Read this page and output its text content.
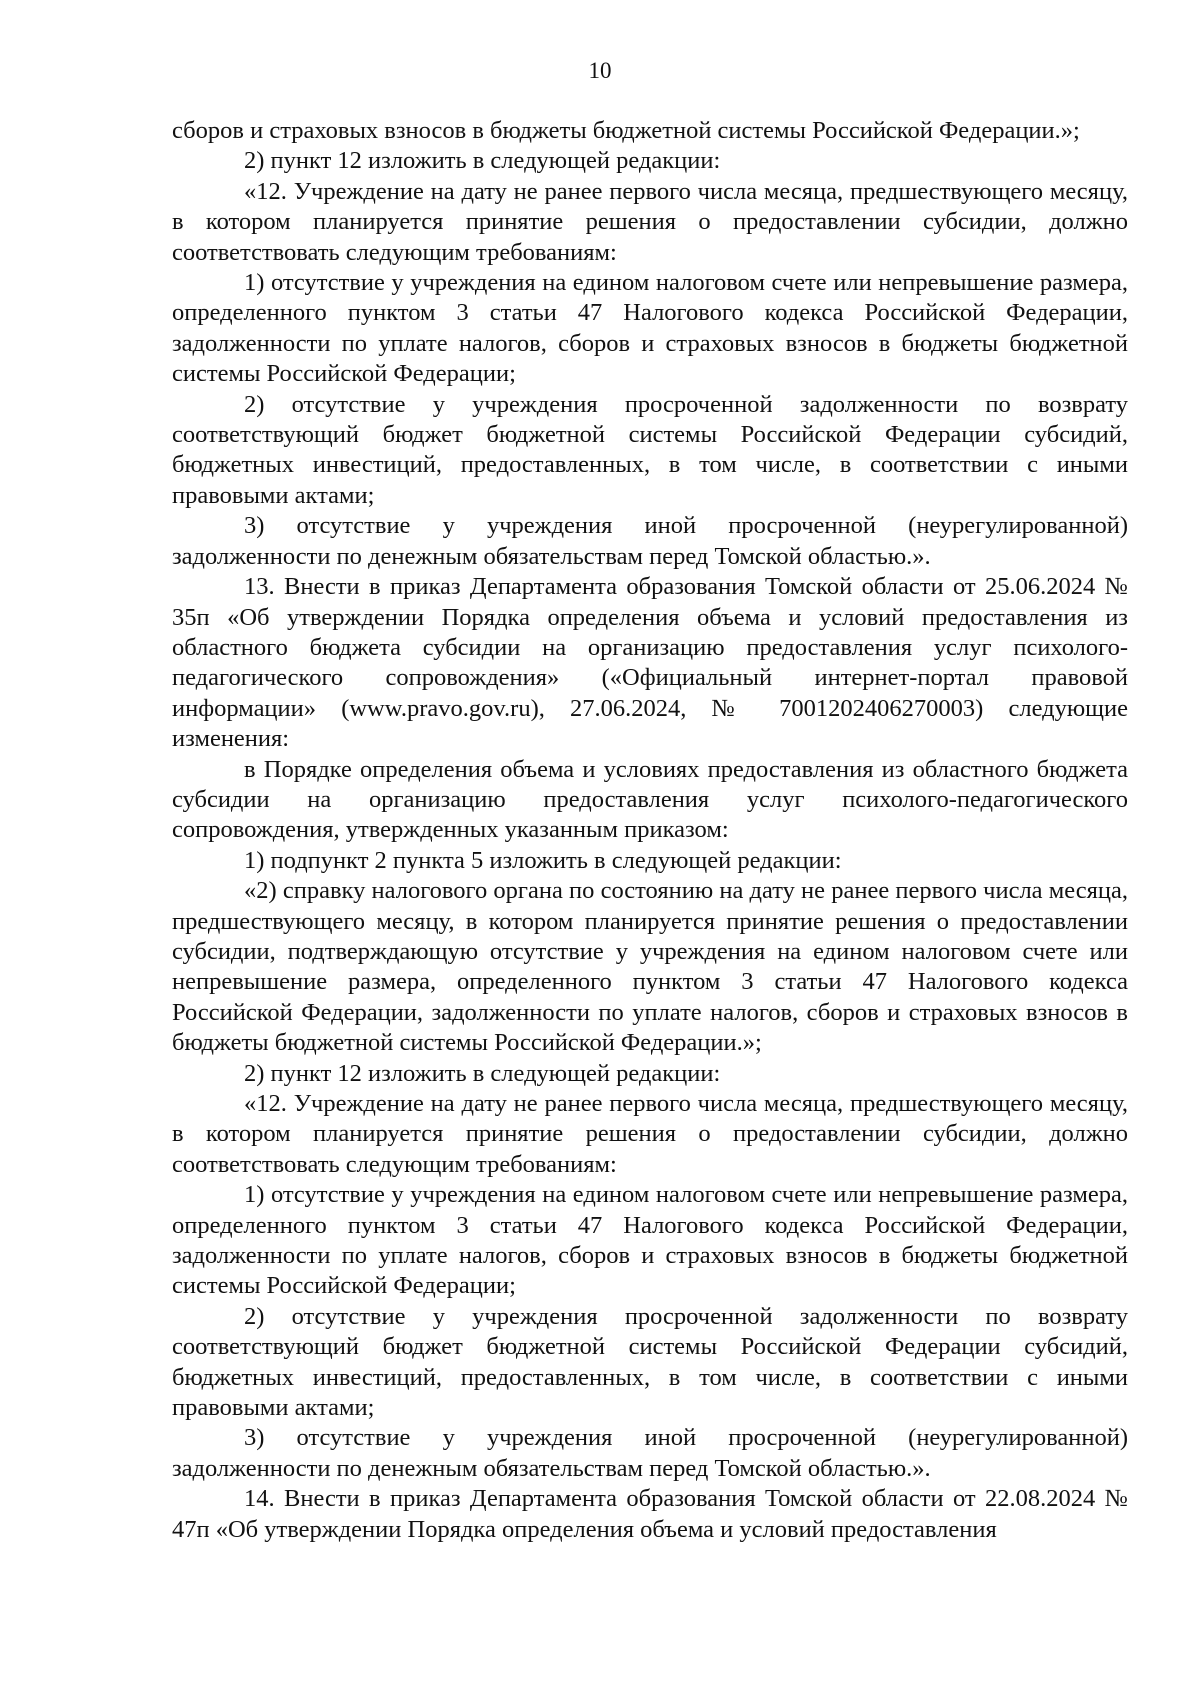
10

сборов и страховых взносов в бюджеты бюджетной системы Российской Федерации.»;

2) пункт 12 изложить в следующей редакции:

«12. Учреждение на дату не ранее первого числа месяца, предшествующего месяцу, в котором планируется принятие решения о предоставлении субсидии, должно соответствовать следующим требованиям:

1) отсутствие у учреждения на едином налоговом счете или непревышение размера, определенного пунктом 3 статьи 47 Налогового кодекса Российской Федерации, задолженности по уплате налогов, сборов и страховых взносов в бюджеты бюджетной системы Российской Федерации;

2) отсутствие у учреждения просроченной задолженности по возврату соответствующий бюджет бюджетной системы Российской Федерации субсидий, бюджетных инвестиций, предоставленных, в том числе, в соответствии с иными правовыми актами;

3) отсутствие у учреждения иной просроченной (неурегулированной) задолженности по денежным обязательствам перед Томской областью.».

13. Внести в приказ Департамента образования Томской области от 25.06.2024 № 35п «Об утверждении Порядка определения объема и условий предоставления из областного бюджета субсидии на организацию предоставления услуг психолого-педагогического сопровождения» («Официальный интернет-портал правовой информации» (www.pravo.gov.ru), 27.06.2024, № 7001202406270003) следующие изменения:

в Порядке определения объема и условиях предоставления из областного бюджета субсидии на организацию предоставления услуг психолого-педагогического сопровождения, утвержденных указанным приказом:

1) подпункт 2 пункта 5 изложить в следующей редакции:

«2) справку налогового органа по состоянию на дату не ранее первого числа месяца, предшествующего месяцу, в котором планируется принятие решения о предоставлении субсидии, подтверждающую отсутствие у учреждения на едином налоговом счете или непревышение размера, определенного пунктом 3 статьи 47 Налогового кодекса Российской Федерации, задолженности по уплате налогов, сборов и страховых взносов в бюджеты бюджетной системы Российской Федерации.»;

2) пункт 12 изложить в следующей редакции:

«12. Учреждение на дату не ранее первого числа месяца, предшествующего месяцу, в котором планируется принятие решения о предоставлении субсидии, должно соответствовать следующим требованиям:

1) отсутствие у учреждения на едином налоговом счете или непревышение размера, определенного пунктом 3 статьи 47 Налогового кодекса Российской Федерации, задолженности по уплате налогов, сборов и страховых взносов в бюджеты бюджетной системы Российской Федерации;

2) отсутствие у учреждения просроченной задолженности по возврату соответствующий бюджет бюджетной системы Российской Федерации субсидий, бюджетных инвестиций, предоставленных, в том числе, в соответствии с иными правовыми актами;

3) отсутствие у учреждения иной просроченной (неурегулированной) задолженности по денежным обязательствам перед Томской областью.».

14. Внести в приказ Департамента образования Томской области от 22.08.2024 № 47п «Об утверждении Порядка определения объема и условий предоставления
